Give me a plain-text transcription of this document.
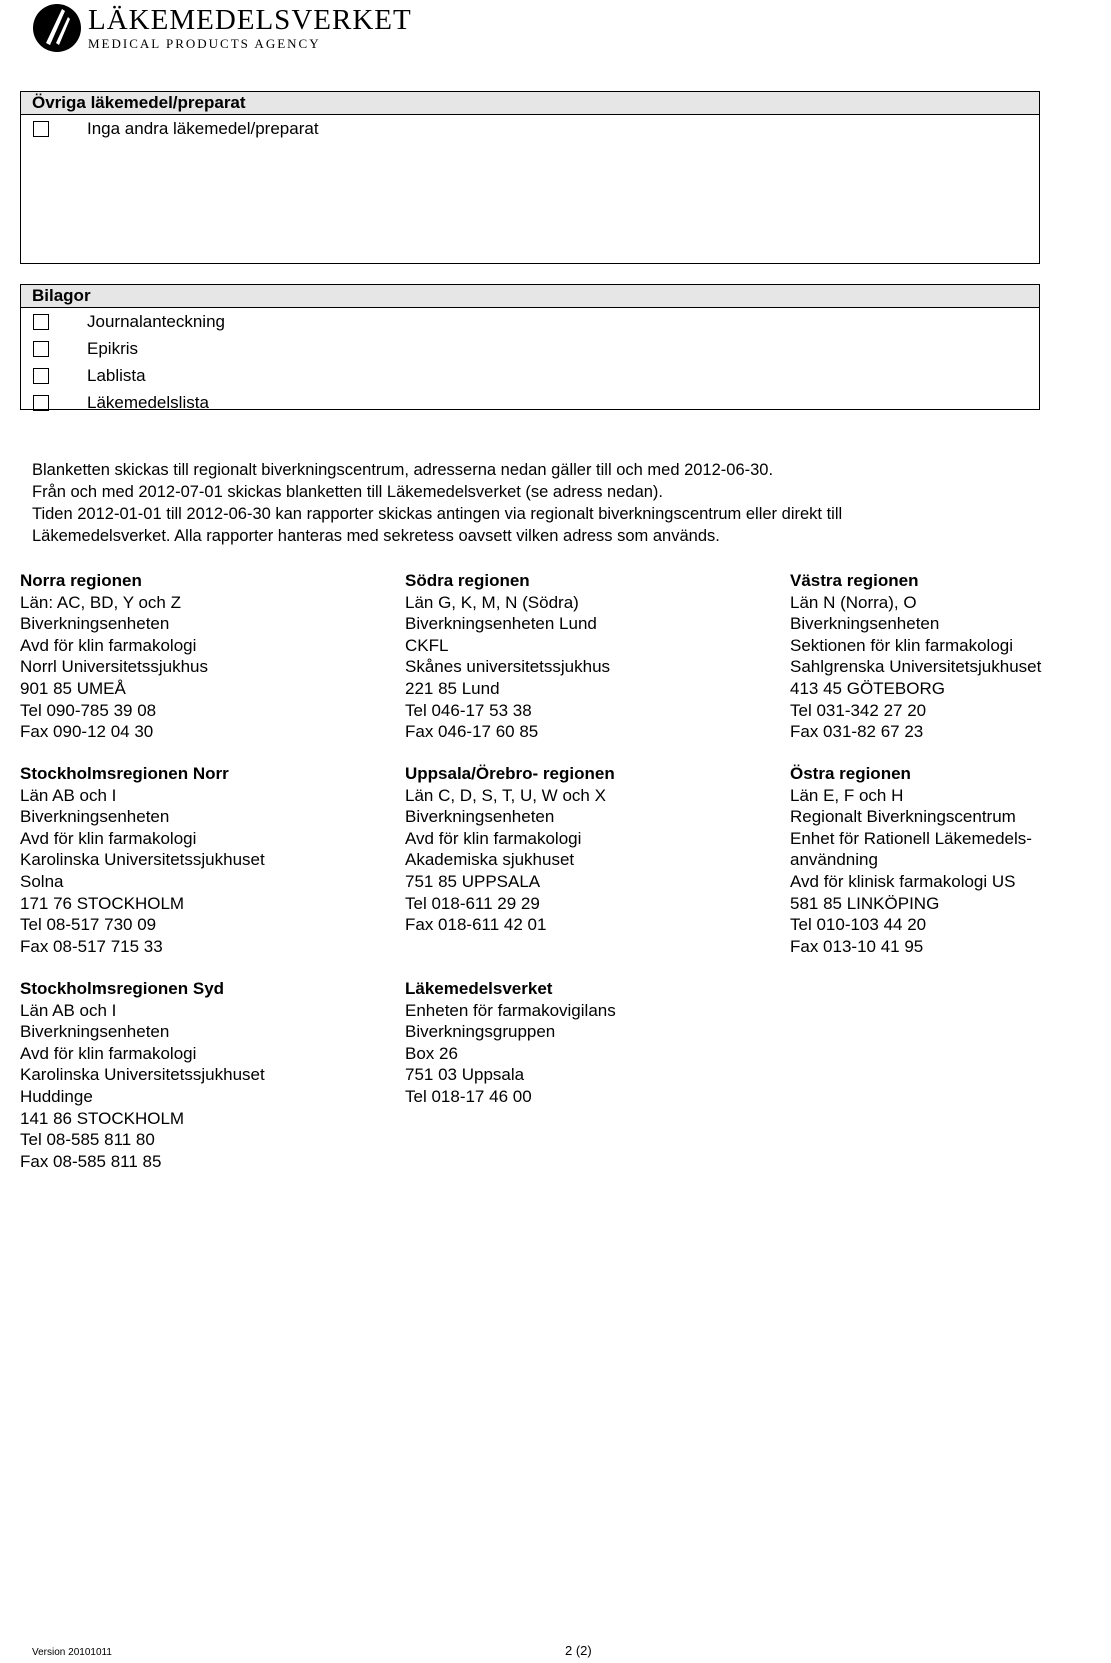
LÄKEMEDELSVERKET
MEDICAL PRODUCTS AGENCY
Övriga läkemedel/preparat
Inga andra läkemedel/preparat
Bilagor
Journalanteckning
Epikris
Lablista
Läkemedelslista
Blanketten skickas till regionalt biverkningscentrum, adresserna nedan gäller till och med 2012-06-30.
Från och med 2012-07-01 skickas blanketten till Läkemedelsverket (se adress nedan).
Tiden 2012-01-01 till 2012-06-30 kan rapporter skickas antingen via regionalt biverkningscentrum eller direkt till
Läkemedelsverket. Alla rapporter hanteras med sekretess oavsett vilken adress som används.
Norra regionen
Län: AC, BD, Y och Z
Biverkningsenheten
Avd för klin farmakologi
Norrl Universitetssjukhus
901 85 UMEÅ
Tel 090-785 39 08
Fax 090-12 04 30
Södra regionen
Län G, K, M, N (Södra)
Biverkningsenheten Lund
CKFL
Skånes universitetssjukhus
221 85 Lund
Tel 046-17 53 38
Fax 046-17 60 85
Västra regionen
Län N (Norra), O
Biverkningsenheten
Sektionen för klin farmakologi
Sahlgrenska Universitetsjukhuset
413 45 GÖTEBORG
Tel 031-342 27 20
Fax 031-82 67 23
Stockholmsregionen Norr
Län AB och I
Biverkningsenheten
Avd för klin farmakologi
Karolinska Universitetssjukhuset
Solna
171 76 STOCKHOLM
Tel 08-517 730 09
Fax 08-517 715 33
Uppsala/Örebro- regionen
Län C, D, S, T, U, W och X
Biverkningsenheten
Avd för klin farmakologi
Akademiska sjukhuset
751 85 UPPSALA
Tel 018-611 29 29
Fax 018-611 42 01
Östra regionen
Län E, F och H
Regionalt Biverkningscentrum
Enhet för Rationell Läkemedels-
användning
Avd för klinisk farmakologi US
581 85 LINKÖPING
Tel 010-103 44 20
Fax 013-10 41 95
Stockholmsregionen Syd
Län AB och I
Biverkningsenheten
Avd för klin farmakologi
Karolinska Universitetssjukhuset
Huddinge
141 86 STOCKHOLM
Tel 08-585 811 80
Fax 08-585 811 85
Läkemedelsverket
Enheten för farmakovigilans
Biverkningsgruppen
Box 26
751 03 Uppsala
Tel 018-17 46 00
Version 20101011	2 (2)
